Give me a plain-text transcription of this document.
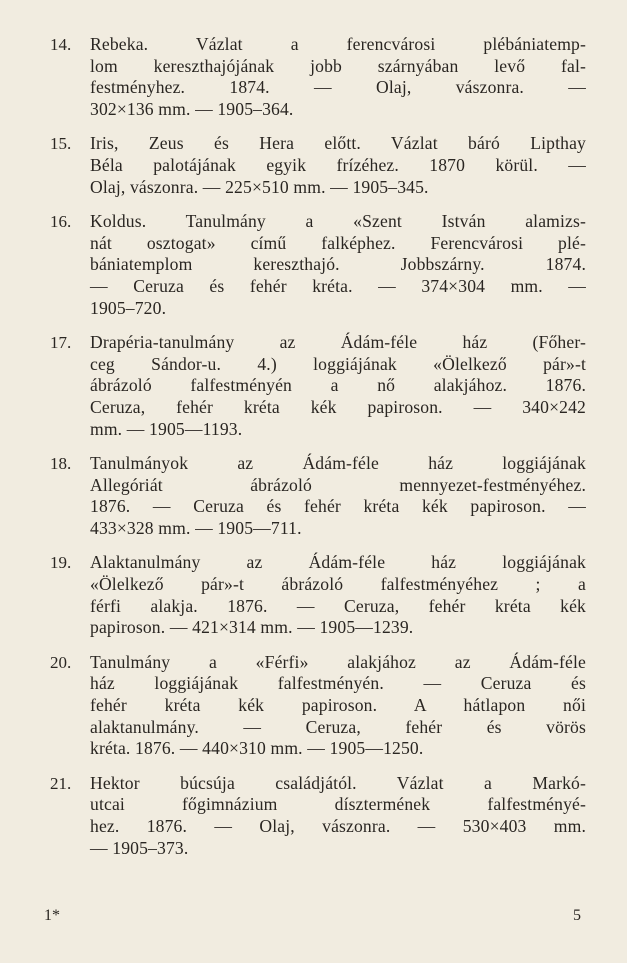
14.	Rebeka. Vázlat a ferencvárosi plébániatemp-
lom kereszthajójának jobb szárnyában levő fal-
festményhez. 1874. — Olaj, vászonra. —
302×136 mm. — 1905–364.
15.	Iris, Zeus és Hera előtt. Vázlat báró Lipthay
Béla palotájának egyik frízéhez. 1870 körül. —
Olaj, vászonra. — 225×510 mm. — 1905–345.
16.	Koldus. Tanulmány a «Szent István alamizs-
nát osztogat» című falképhez. Ferencvárosi plé-
bániatemplom kereszthajó. Jobbszárny. 1874.
— Ceruza és fehér kréta. — 374×304 mm. —
1905–720.
17.	Drapéria-tanulmány az Ádám-féle ház (Főher-
ceg Sándor-u. 4.) loggiájának «Ölelkező pár»-t
ábrázoló falfestményén a nő alakjához. 1876.
Ceruza, fehér kréta kék papiroson. — 340×242
mm. — 1905—1193.
18.	Tanulmányok az Ádám-féle ház loggiájának
Allegóriát ábrázoló mennyezet-festményéhez.
1876. — Ceruza és fehér kréta kék papiroson. —
433×328 mm. — 1905—711.
19.	Alaktanulmány az Ádám-féle ház loggiájának
«Ölelkező pár»-t ábrázoló falfestményéhez ; a
férfi alakja. 1876. — Ceruza, fehér kréta kék
papiroson. — 421×314 mm. — 1905—1239.
20.	Tanulmány a «Férfi» alakjához az Ádám-féle
ház loggiájának falfestményén. — Ceruza és
fehér kréta kék papiroson. A hátlapon női
alaktanulmány. — Ceruza, fehér és vörös
kréta. 1876. — 440×310 mm. — 1905—1250.
21.	Hektor búcsúja családjától. Vázlat a Markó-
utcai főgimnázium dísztermének falfestményé-
hez. 1876. — Olaj, vászonra. — 530×403 mm.
— 1905–373.
1*	5
